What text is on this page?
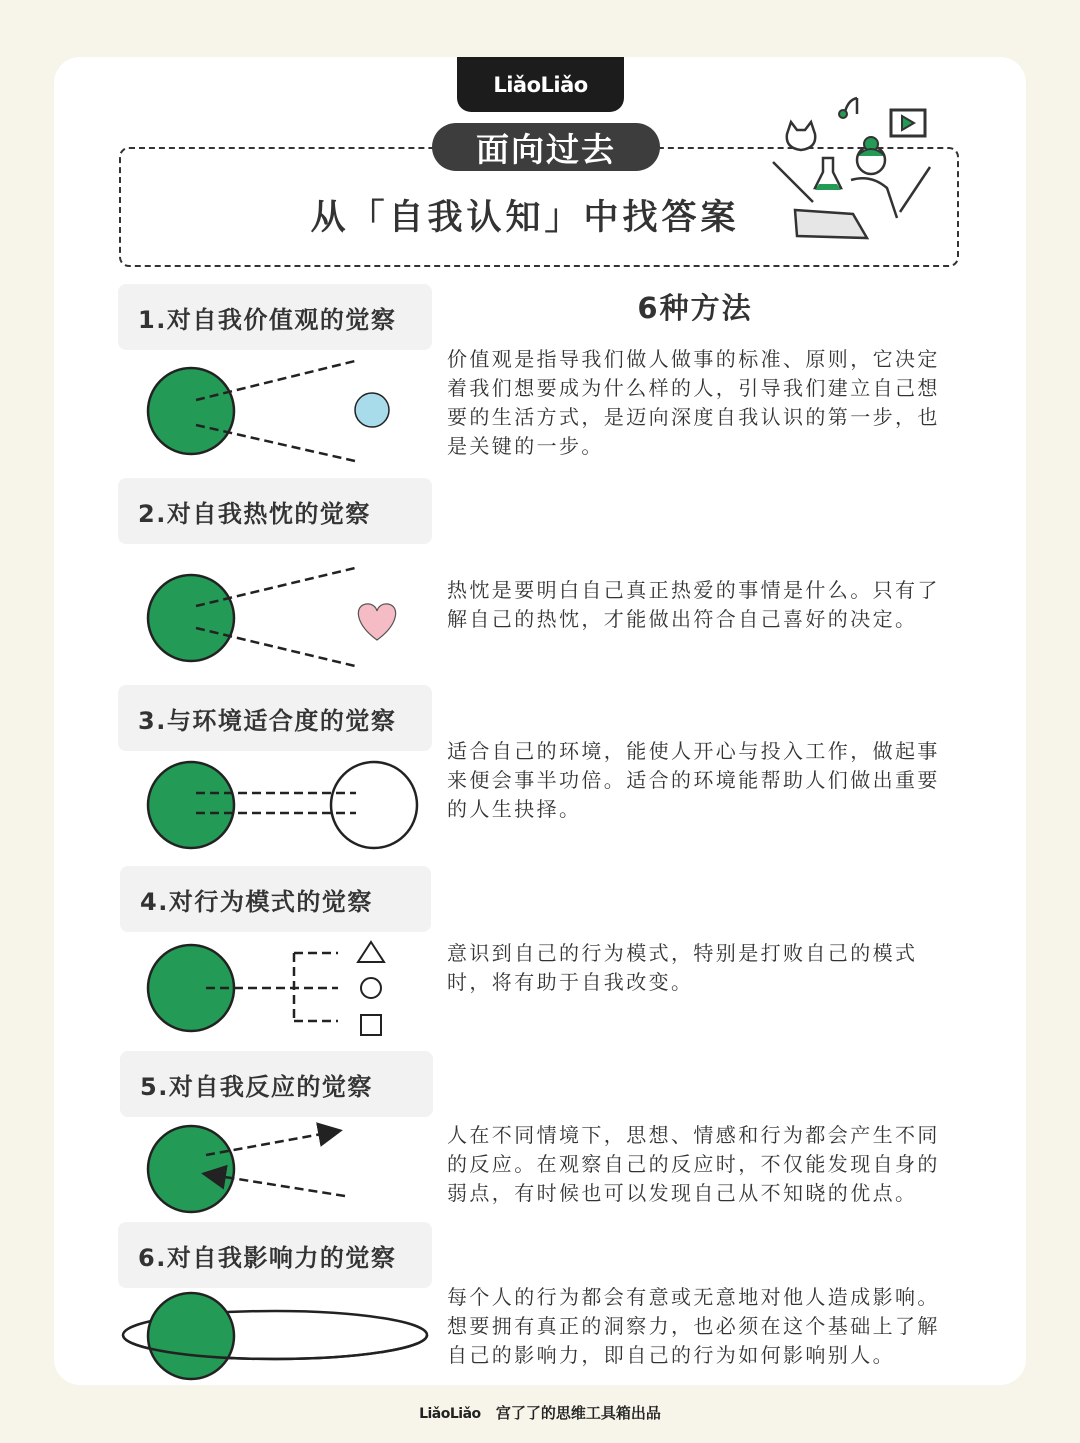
LiǎoLiǎo
面向过去
从「自我认知」中找答案
6种方法
1.对自我价值观的觉察
2.对自我热忱的觉察
3.与环境适合度的觉察
4.对行为模式的觉察
5.对自我反应的觉察
6.对自我影响力的觉察
价值观是指导我们做人做事的标准、原则，它决定着我们想要成为什么样的人，引导我们建立自己想要的生活方式，是迈向深度自我认识的第一步，也是关键的一步。
热忱是要明白自己真正热爱的事情是什么。只有了解自己的热忱，才能做出符合自己喜好的决定。
适合自己的环境，能使人开心与投入工作，做起事来便会事半功倍。适合的环境能帮助人们做出重要的人生抉择。
意识到自己的行为模式，特别是打败自己的模式时，将有助于自我改变。
人在不同情境下，思想、情感和行为都会产生不同的反应。在观察自己的反应时，不仅能发现自身的弱点，有时候也可以发现自己从不知晓的优点。
每个人的行为都会有意或无意地对他人造成影响。想要拥有真正的洞察力，也必须在这个基础上了解自己的影响力，即自己的行为如何影响别人。
LiǎoLiǎo 宫了了的思维工具箱出品
